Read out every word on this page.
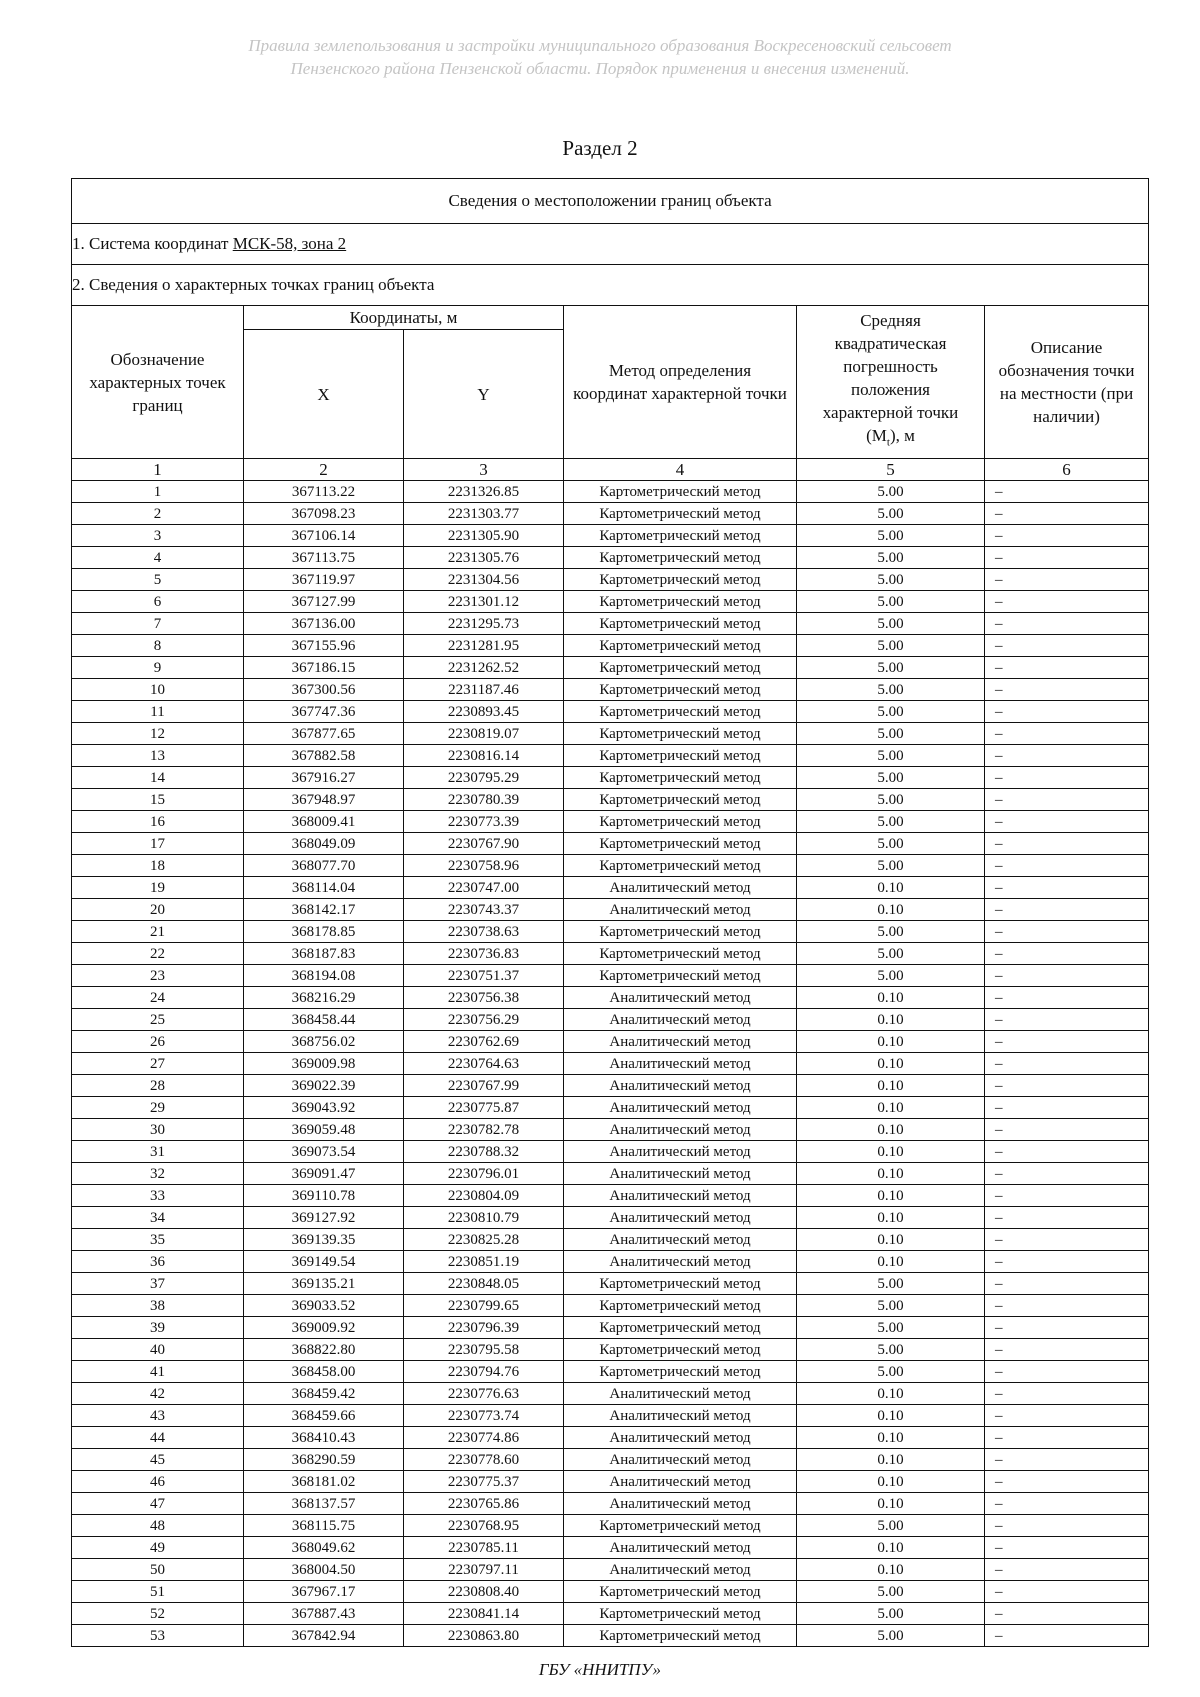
Правила землепользования и застройки муниципального образования Воскресеновский сельсовет
Пензенского района Пензенской области. Порядок применения и внесения изменений.
Раздел 2
Сведения о местоположении границ объекта					
1. Система координат МСК-58, зона 2					
2. Сведения о характерных точках границ объекта					
Обозначение характерных точек границ	Координаты, м		Метод определения координат характерной точки	Средняя квадратическая погрешность положения характерной точки $(M_t)$, м	Описание обозначения точки на местности (при наличии)
	X	Y			
1	2	3	4	5	6
1	367113.22	2231326.85	Картометрический метод	5.00	–
2	367098.23	2231303.77	Картометрический метод	5.00	–
3	367106.14	2231305.90	Картометрический метод	5.00	–
4	367113.75	2231305.76	Картометрический метод	5.00	–
5	367119.97	2231304.56	Картометрический метод	5.00	–
6	367127.99	2231301.12	Картометрический метод	5.00	–
7	367136.00	2231295.73	Картометрический метод	5.00	–
8	367155.96	2231281.95	Картометрический метод	5.00	–
9	367186.15	2231262.52	Картометрический метод	5.00	–
10	367300.56	2231187.46	Картометрический метод	5.00	–
11	367747.36	2230893.45	Картометрический метод	5.00	–
12	367877.65	2230819.07	Картометрический метод	5.00	–
13	367882.58	2230816.14	Картометрический метод	5.00	–
14	367916.27	2230795.29	Картометрический метод	5.00	–
15	367948.97	2230780.39	Картометрический метод	5.00	–
16	368009.41	2230773.39	Картометрический метод	5.00	–
17	368049.09	2230767.90	Картометрический метод	5.00	–
18	368077.70	2230758.96	Картометрический метод	5.00	–
19	368114.04	2230747.00	Аналитический метод	0.10	–
20	368142.17	2230743.37	Аналитический метод	0.10	–
21	368178.85	2230738.63	Картометрический метод	5.00	–
22	368187.83	2230736.83	Картометрический метод	5.00	–
23	368194.08	2230751.37	Картометрический метод	5.00	–
24	368216.29	2230756.38	Аналитический метод	0.10	–
25	368458.44	2230756.29	Аналитический метод	0.10	–
26	368756.02	2230762.69	Аналитический метод	0.10	–
27	369009.98	2230764.63	Аналитический метод	0.10	–
28	369022.39	2230767.99	Аналитический метод	0.10	–
29	369043.92	2230775.87	Аналитический метод	0.10	–
30	369059.48	2230782.78	Аналитический метод	0.10	–
31	369073.54	2230788.32	Аналитический метод	0.10	–
32	369091.47	2230796.01	Аналитический метод	0.10	–
33	369110.78	2230804.09	Аналитический метод	0.10	–
34	369127.92	2230810.79	Аналитический метод	0.10	–
35	369139.35	2230825.28	Аналитический метод	0.10	–
36	369149.54	2230851.19	Аналитический метод	0.10	–
37	369135.21	2230848.05	Картометрический метод	5.00	–
38	369033.52	2230799.65	Картометрический метод	5.00	–
39	369009.92	2230796.39	Картометрический метод	5.00	–
40	368822.80	2230795.58	Картометрический метод	5.00	–
41	368458.00	2230794.76	Картометрический метод	5.00	–
42	368459.42	2230776.63	Аналитический метод	0.10	–
43	368459.66	2230773.74	Аналитический метод	0.10	–
44	368410.43	2230774.86	Аналитический метод	0.10	–
45	368290.59	2230778.60	Аналитический метод	0.10	–
46	368181.02	2230775.37	Аналитический метод	0.10	–
47	368137.57	2230765.86	Аналитический метод	0.10	–
48	368115.75	2230768.95	Картометрический метод	5.00	–
49	368049.62	2230785.11	Аналитический метод	0.10	–
50	368004.50	2230797.11	Аналитический метод	0.10	–
51	367967.17	2230808.40	Картометрический метод	5.00	–
52	367887.43	2230841.14	Картометрический метод	5.00	–
53	367842.94	2230863.80	Картометрический метод	5.00	–
ГБУ «ННИТПУ»
